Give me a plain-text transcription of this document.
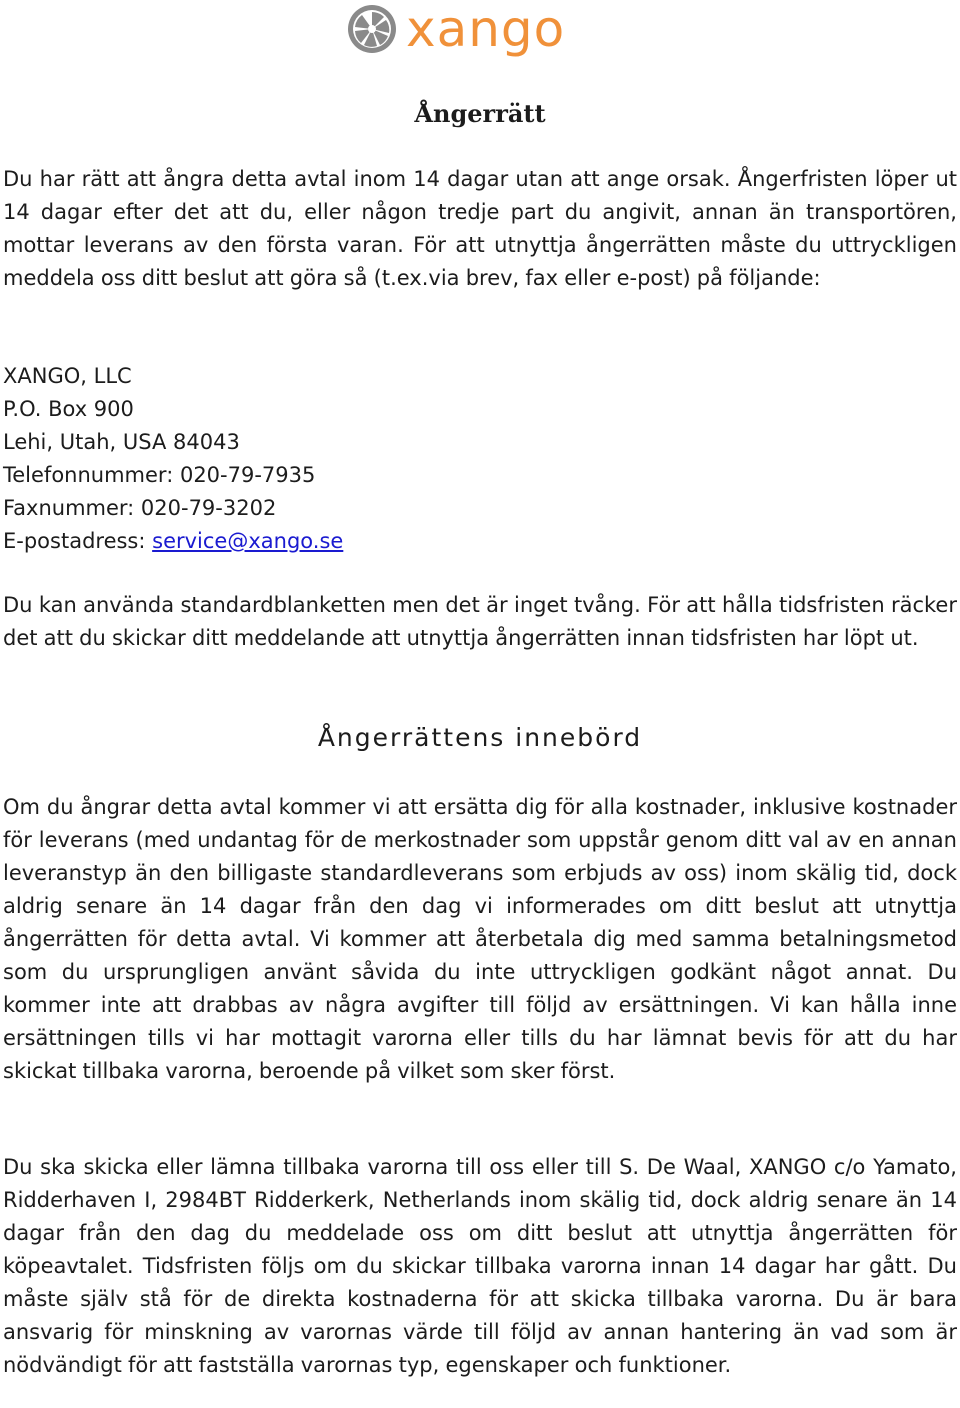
xango
Ångerrätt

Du har rätt att ångra detta avtal inom 14 dagar utan att ange orsak. Ångerfristen löper ut 14 dagar efter det att du, eller någon tredje part du angivit, annan än transportören, mottar leverans av den första varan. För att utnyttja ångerrätten måste du uttryckligen meddela oss ditt beslut att göra så (t.ex.via brev, fax eller e-post) på följande:

XANGO, LLC
P.O. Box 900
Lehi, Utah, USA 84043
Telefonnummer: 020-79-7935
Faxnummer: 020-79-3202
E-postadress: service@xango.se

Du kan använda standardblanketten men det är inget tvång. För att hålla tidsfristen räcker det att du skickar ditt meddelande att utnyttja ångerrätten innan tidsfristen har löpt ut.

Ångerrättens innebörd

Om du ångrar detta avtal kommer vi att ersätta dig för alla kostnader, inklusive kostnader för leverans (med undantag för de merkostnader som uppstår genom ditt val av en annan leveranstyp än den billigaste standardleverans som erbjuds av oss) inom skälig tid, dock aldrig senare än 14 dagar från den dag vi informerades om ditt beslut att utnyttja ångerrätten för detta avtal. Vi kommer att återbetala dig med samma betalningsmetod som du ursprungligen använt såvida du inte uttryckligen godkänt något annat. Du kommer inte att drabbas av några avgifter till följd av ersättningen. Vi kan hålla inne ersättningen tills vi har mottagit varorna eller tills du har lämnat bevis för att du har skickat tillbaka varorna, beroende på vilket som sker först.

Du ska skicka eller lämna tillbaka varorna till oss eller till S. De Waal, XANGO c/o Yamato, Ridderhaven I, 2984BT Ridderkerk, Netherlands inom skälig tid, dock aldrig senare än 14 dagar från den dag du meddelade oss om ditt beslut att utnyttja ångerrätten för köpeavtalet. Tidsfristen följs om du skickar tillbaka varorna innan 14 dagar har gått. Du måste själv stå för de direkta kostnaderna för att skicka tillbaka varorna. Du är bara ansvarig för minskning av varornas värde till följd av annan hantering än vad som är nödvändigt för att fastställa varornas typ, egenskaper och funktioner.
